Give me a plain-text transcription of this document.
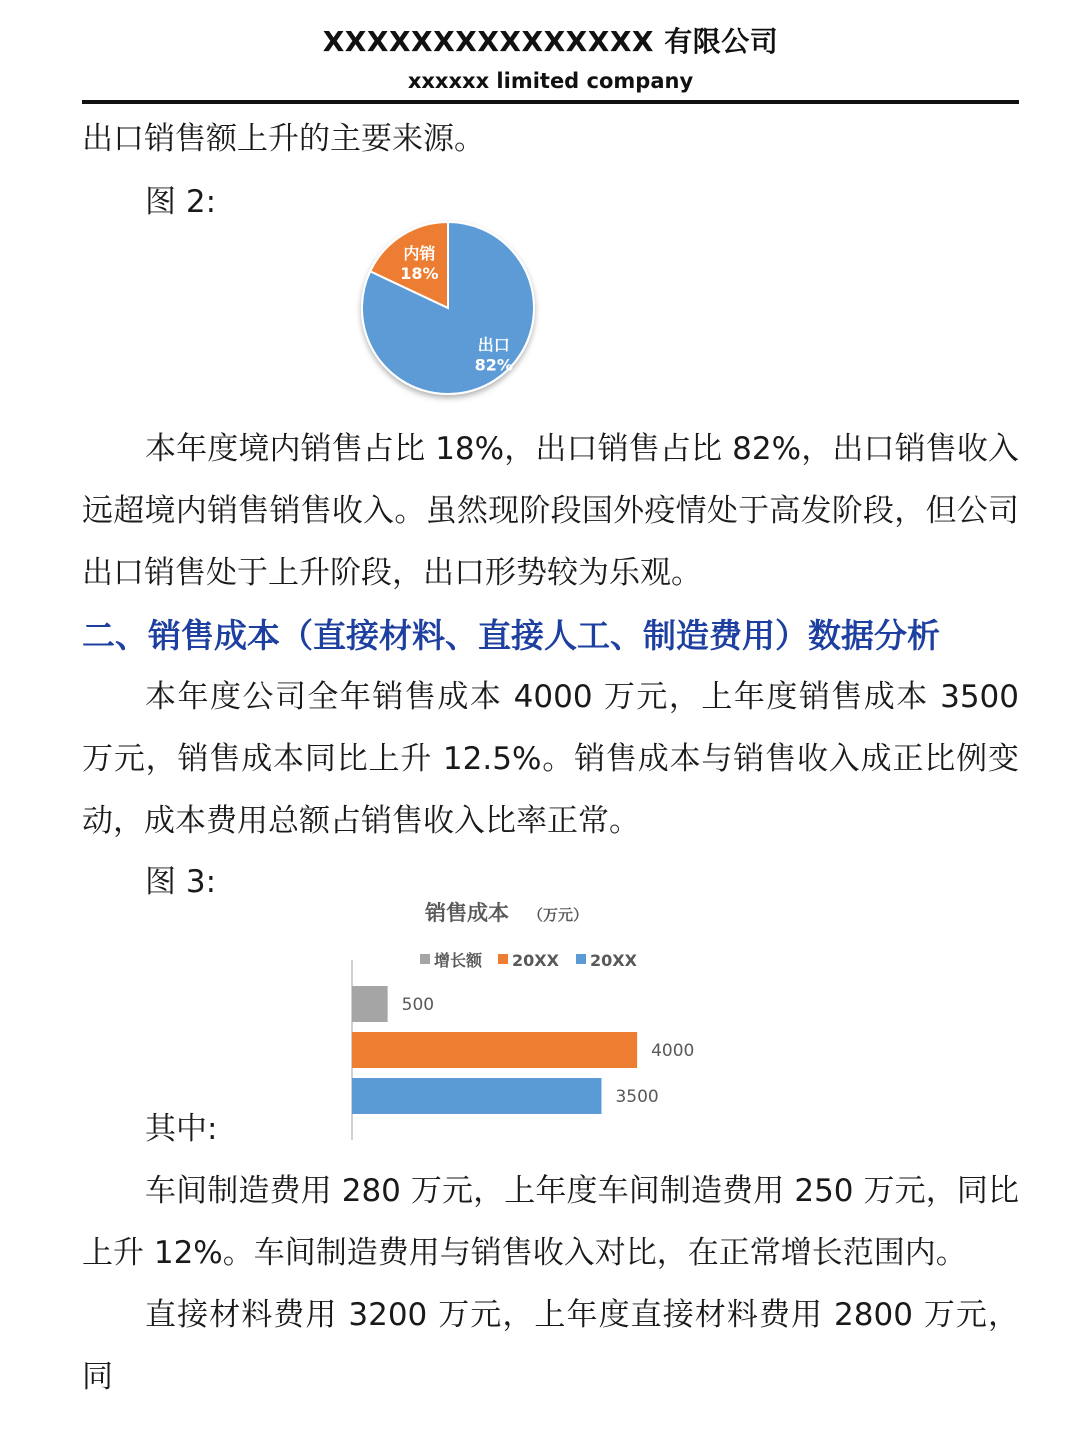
XXXXXXXXXXXXXXX 有限公司
xxxxxx limited company

出口销售额上升的主要来源。

图 2:

内销
18%
出口
82%

本年度境内销售占比 18%，出口销售占比 82%，出口销售收入远超境内销售销售收入。虽然现阶段国外疫情处于高发阶段，但公司出口销售处于上升阶段，出口形势较为乐观。

二、销售成本（直接材料、直接人工、制造费用）数据分析

本年度公司全年销售成本 4000 万元，上年度销售成本 3500 万元，销售成本同比上升 12.5%。销售成本与销售收入成正比例变动，成本费用总额占销售收入比率正常。

图 3:

销售成本 （万元）
增长额 20XX 20XX
500
4000
3500

其中:

车间制造费用 280 万元，上年度车间制造费用 250 万元，同比上升 12%。车间制造费用与销售收入对比，在正常增长范围内。

直接材料费用 3200 万元，上年度直接材料费用 2800 万元，同
